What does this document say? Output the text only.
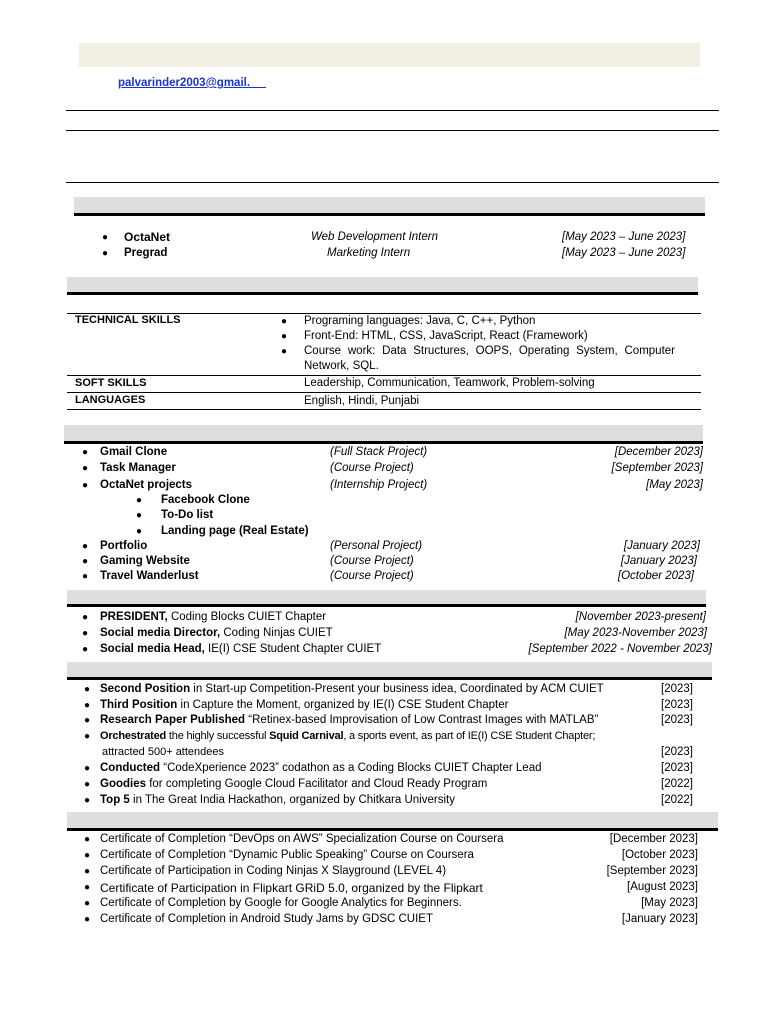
palvarinder2003@gmail.
● OctaNet	Web Development Intern	[May 2023 – June 2023]
● Pregrad	Marketing Intern	[May 2023 – June 2023]
TECHNICAL SKILLS	● Programing languages: Java, C, C++, Python
● Front-End: HTML, CSS, JavaScript, React (Framework)
● Course work: Data Structures, OOPS, Operating System, Computer
Network, SQL.
SOFT SKILLS	Leadership, Communication, Teamwork, Problem-solving
LANGUAGES	English, Hindi, Punjabi
● Gmail Clone	(Full Stack Project)	[December 2023]
● Task Manager	(Course Project)	[September 2023]
● OctaNet projects	(Internship Project)	[May 2023]
● Facebook Clone
● To-Do list
● Landing page (Real Estate)
● Portfolio	(Personal Project)	[January 2023]
● Gaming Website	(Course Project)	[January 2023]
● Travel Wanderlust	(Course Project)	[October 2023]
● PRESIDENT, Coding Blocks CUIET Chapter	[November 2023-present]
● Social media Director, Coding Ninjas CUIET	[May 2023-November 2023]
● Social media Head, IE(I) CSE Student Chapter CUIET	[September 2022 - November 2023]
● Second Position in Start-up Competition-Present your business idea, Coordinated by ACM CUIET	[2023]
● Third Position in Capture the Moment, organized by IE(I) CSE Student Chapter	[2023]
● Research Paper Published “Retinex-based Improvisation of Low Contrast Images with MATLAB”	[2023]
● Orchestrated the highly successful Squid Carnival, a sports event, as part of IE(I) CSE Student Chapter;
attracted 500+ attendees	[2023]
● Conducted “CodeXperience 2023” codathon as a Coding Blocks CUIET Chapter Lead	[2023]
● Goodies for completing Google Cloud Facilitator and Cloud Ready Program	[2022]
● Top 5 in The Great India Hackathon, organized by Chitkara University	[2022]
● Certificate of Completion “DevOps on AWS” Specialization Course on Coursera	[December 2023]
● Certificate of Completion “Dynamic Public Speaking” Course on Coursera	[October 2023]
● Certificate of Participation in Coding Ninjas X Slayground (LEVEL 4)	[September 2023]
● Certificate of Participation in Flipkart GRiD 5.0, organized by the Flipkart	[August 2023]
● Certificate of Completion by Google for Google Analytics for Beginners.	[May 2023]
● Certificate of Completion in Android Study Jams by GDSC CUIET	[January 2023]
